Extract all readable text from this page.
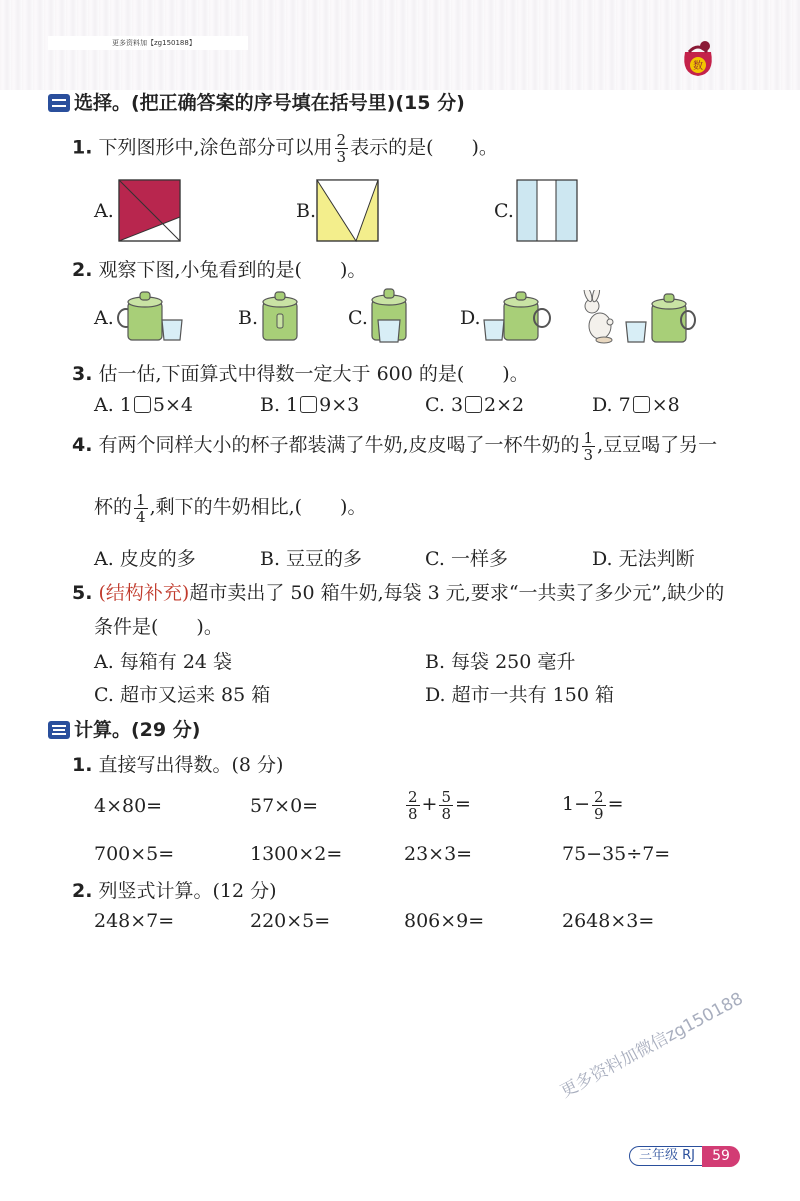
更多资料加【zg150188】
数
选择。(把正确答案的序号填在括号里)(15 分)
1. 下列图形中,涂色部分可以用 $\frac{2}{3}$ 表示的是(　　)。
A.	B.	C.
2. 观察下图,小兔看到的是(　　)。
A.	B.	C.	D.
3. 估一估,下面算式中得数一定大于 600 的是(　　)。
A. 1 5×4	B. 1 9×3	C. 3 2×2	D. 7 ×8
4. 有两个同样大小的杯子都装满了牛奶,皮皮喝了一杯牛奶的 $\frac{1}{3}$ ,豆豆喝了另一
杯的 $\frac{1}{4}$ ,剩下的牛奶相比,(　　)。
A. 皮皮的多	B. 豆豆的多	C. 一样多	D. 无法判断
5. (结构补充)超市卖出了 50 箱牛奶,每袋 3 元,要求“一共卖了多少元”,缺少的
条件是(　　)。
A. 每箱有 24 袋	B. 每袋 250 毫升
C. 超市又运来 85 箱	D. 超市一共有 150 箱
计算。(29 分)
1. 直接写出得数。(8 分)
4×80=	57×0=	$\frac{2}{8} + \frac{5}{8}$ =	$1- \frac{2}{9}$ =
700×5=	1300×2=	23×3=	75−35÷7=
2. 列竖式计算。(12 分)
248×7=	220×5=	806×9=	2648×3=
更多资料加微信zg150188
三年级 RJ	59
